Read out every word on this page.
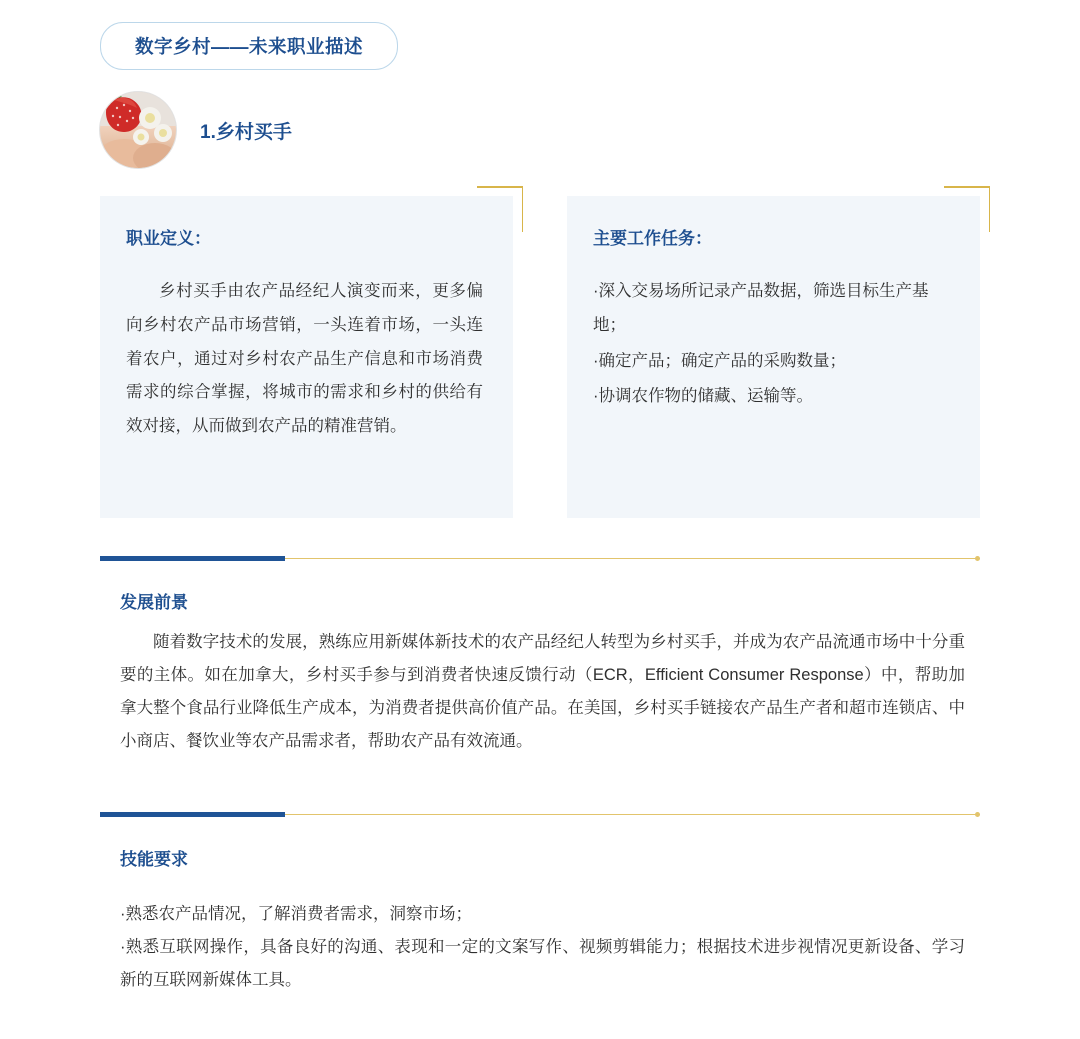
数字乡村——未来职业描述
1.乡村买手

职业定义：

乡村买手由农产品经纪人演变而来，更多偏向乡村农产品市场营销，一头连着市场，一头连着农户，通过对乡村农产品生产信息和市场消费需求的综合掌握，将城市的需求和乡村的供给有效对接，从而做到农产品的精准营销。

主要工作任务：

·深入交易场所记录产品数据，筛选目标生产基地；

·确定产品；确定产品的采购数量；

·协调农作物的储藏、运输等。

发展前景
随着数字技术的发展，熟练应用新媒体新技术的农产品经纪人转型为乡村买手，并成为农产品流通市场中十分重要的主体。如在加拿大，乡村买手参与到消费者快速反馈行动（ECR，Efficient Consumer Response）中，帮助加拿大整个食品行业降低生产成本，为消费者提供高价值产品。在美国，乡村买手链接农产品生产者和超市连锁店、中小商店、餐饮业等农产品需求者，帮助农产品有效流通。
技能要求

·熟悉农产品情况，了解消费者需求，洞察市场；

·熟悉互联网操作，具备良好的沟通、表现和一定的文案写作、视频剪辑能力；根据技术进步视情况更新设备、学习新的互联网新媒体工具。
